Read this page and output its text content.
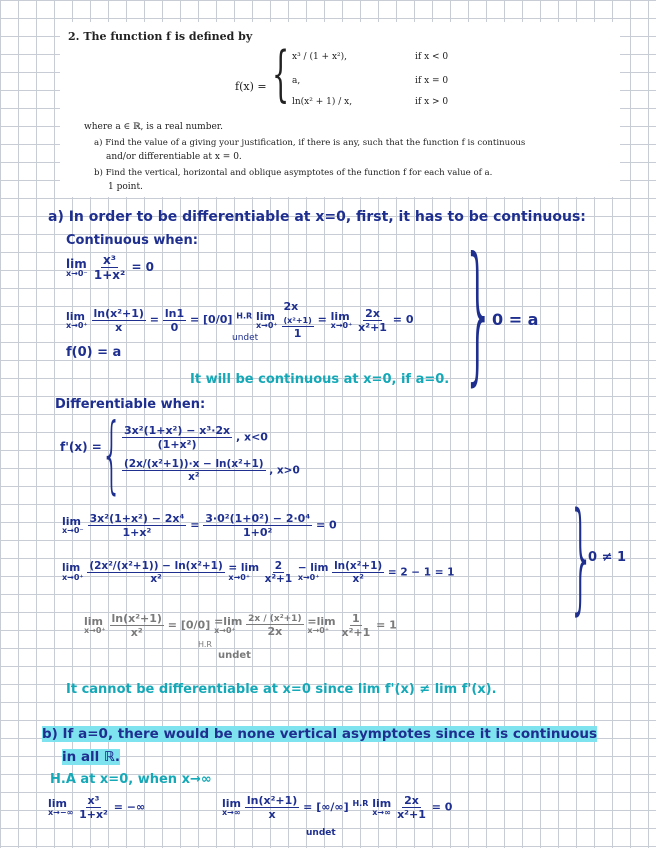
2. The function f is defined by
f(x) = { x³ / (1 + x²),	if x < 0
a,	if x = 0
ln(x² + 1) / x,	if x > 0
where a ∈ ℝ, is a real number.
a) Find the value of a giving your justification, if there is any, such that the function f is continuous
and/or differentiable at x = 0.
b) Find the vertical, horizontal and oblique asymptotes of the function f for each value of a.
1 point.
a) In order to be differentiable at x=0, first, it has to be continuous:
Continuous when:
lim
x→0⁻
$\frac{\text{x³}}{\text{1+x²}} = 0$
lim
x→0⁺
$\frac{\text{ln(x²+1)}}{x} = \frac{\ln 1}{0} = [0/0]$ $^{H.R}$ lim
x→0⁺

2x
(x²+1)
1
= lim
x→0⁺
$\frac{2x}{\text{x²+1}} = 0$
undet }
0 = a
f(0) = a
It will be continuous at x=0, if a=0.
Differentiable when:
f'(x) = { $\frac{\text{3x²(1+x²) − x³·2x}}{\text{(1+x²)}}$ , x<0
$\frac{\text{(2x/(x²+1))·x − ln(x²+1)}}{\text{x²}}$ , x>0
lim
x→0⁻
$\frac{\text{3x²(1+x²) − 2x⁴}}{\text{1+x²}} = \frac{\text{3·0²(1+0²) − 2·0⁴}}{\text{1+0²}} = 0$
lim
x→0⁺
$\frac{\text{(2x²/(x²+1)) − ln(x²+1)}}{\text{x²}}$
= lim
x→0⁺
$\frac{2}{\text{x²+1}}$
− lim
x→0⁺
$\frac{\text{ln(x²+1)}}{\text{x²}} = 2 - 1 = 1$ }
0 ≠ 1
lim
x→0⁺
$\frac{\text{ln(x²+1)}}{\text{x²}} = [0/0] =\lim$
x→0⁺
$\frac{\text{2x / (x²+1)}}{2x}$
=lim
x→0⁺
$\frac{1}{\text{x²+1}} = 1$
H.R
undet
It cannot be differentiable at x=0 since lim f'(x) ≠ lim f'(x).
b) If a=0, there would be none vertical asymptotes since it is continuous
in all ℝ.
H.A at x=0, when x→∞
lim
x→−∞
$\frac{\text{x³}}{\text{1+x²}}$ = −∞	lim
x→∞
$\frac{\text{ln(x²+1)}}{x}$ = [∞/∞] $^{H.R}$ lim
x→∞
$\frac{2x}{\text{x²+1}} = 0$
undet
